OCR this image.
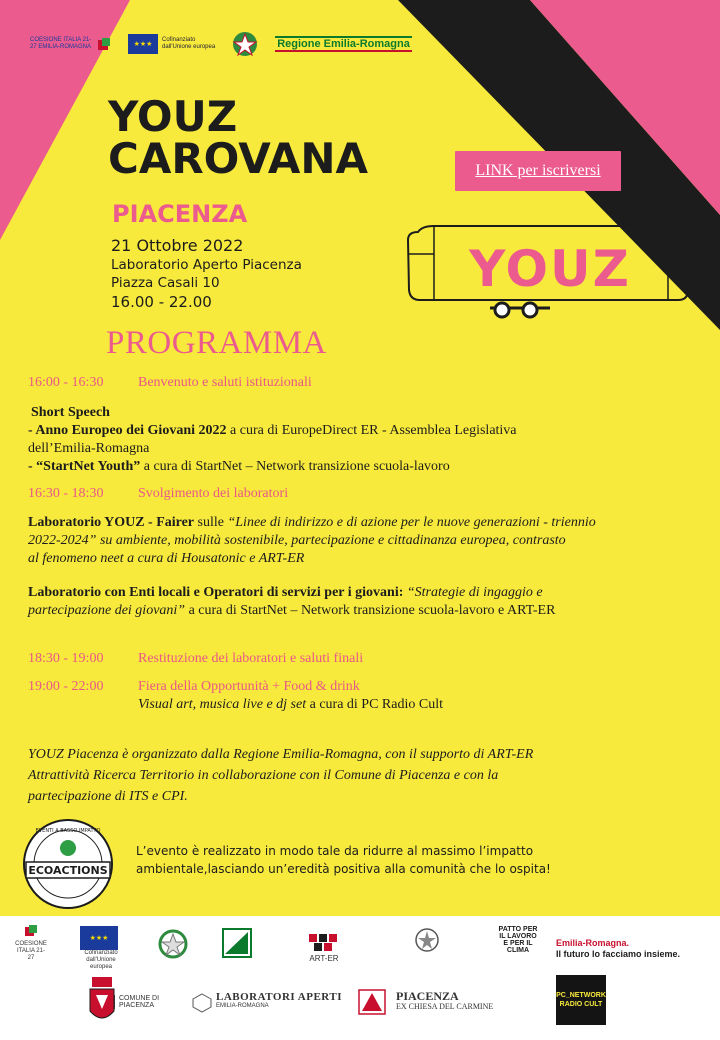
COESIONE ITALIA 21-27 EMILIA-ROMAGNA	★★★	Cofinanziato
dall'Unione europea	Regione Emilia-Romagna
YOUZ
CAROVANA	LINK per iscriversi
PIACENZA
21 Ottobre 2022
Laboratorio Aperto Piacenza
Piazza Casali 10
16.00 - 22.00
YOUZ
PROGRAMMA
16:00 - 16:30 Benvenuto e saluti istituzionali
Short Speech
- Anno Europeo dei Giovani 2022 a cura di EuropeDirect ER - Assemblea Legislativa
dell’Emilia-Romagna
- “StartNet Youth” a cura di StartNet – Network transizione scuola-lavoro
16:30 - 18:30 Svolgimento dei laboratori
Laboratorio YOUZ - Fairer sulle “Linee di indirizzo e di azione per le nuove generazioni - triennio
2022-2024” su ambiente, mobilità sostenibile, partecipazione e cittadinanza europea, contrasto
al fenomeno neet a cura di Housatonic e ART-ER
Laboratorio con Enti locali e Operatori di servizi per i giovani: “Strategie di ingaggio e
partecipazione dei giovani” a cura di StartNet – Network transizione scuola-lavoro e ART-ER
18:30 - 19:00 Restituzione dei laboratori e saluti finali
19:00 - 22:00 Fiera della Opportunità + Food & drink
Visual art, musica live e dj set a cura di PC Radio Cult
YOUZ Piacenza è organizzato dalla Regione Emilia-Romagna, con il supporto di ART-ER
Attrattività Ricerca Territorio in collaborazione con il Comune di Piacenza e con la
partecipazione di ITS e CPI.
ECOACTIONS
EVENTI A BASSO IMPATTO
L’evento è realizzato in modo tale da ridurre al massimo l’impatto
ambientale,lasciando un’eredità positiva alla comunità che lo ospita!
COESIONE ITALIA 21-27
★★★
Cofinanziato dall'Unione europea
ART-ER
PATTO PER IL LAVORO E PER IL CLIMA
Emilia-Romagna.
Il futuro lo facciamo insieme.
COMUNE DI PIACENZA
LABORATORI APERTI
EMILIA-ROMAGNA
PIACENZA
EX CHIESA DEL CARMINE
PC_NETWORK RADIO CULT
